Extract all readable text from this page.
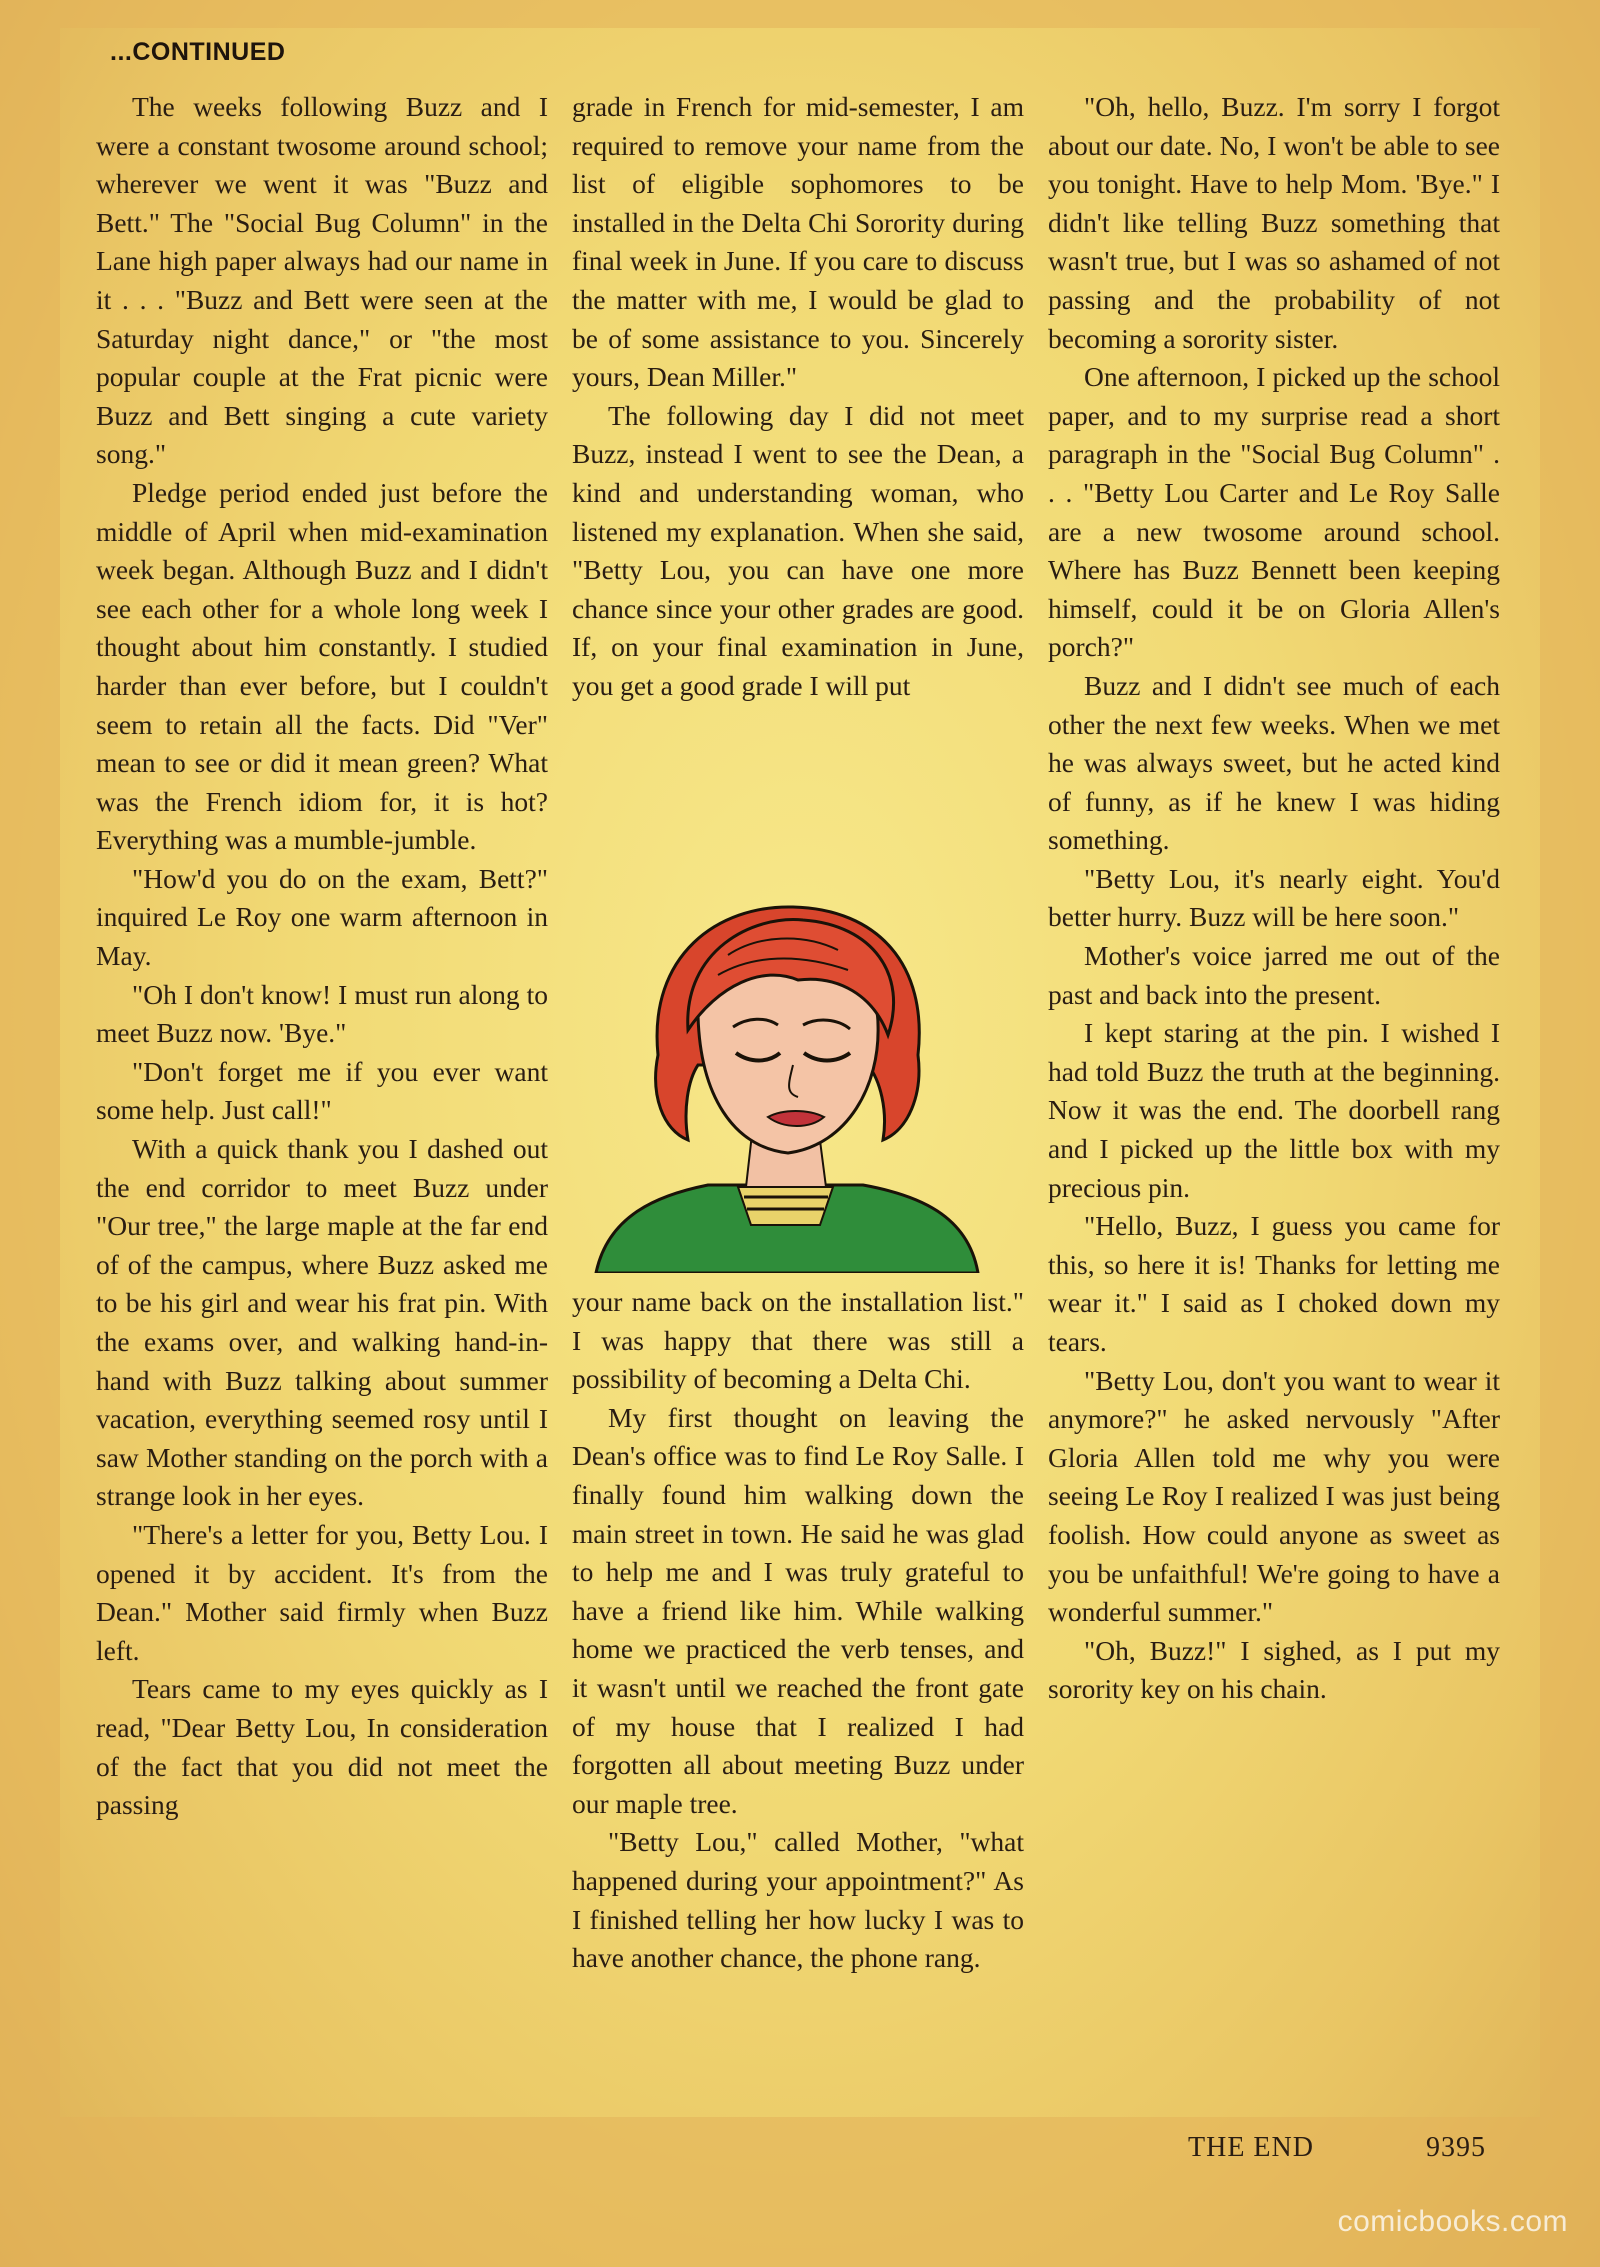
...CONTINUED

The weeks following Buzz and I were a constant twosome around school; wherever we went it was "Buzz and Bett." The "Social Bug Column" in the Lane high paper always had our name in it . . . "Buzz and Bett were seen at the Saturday night dance," or "the most popular couple at the Frat picnic were Buzz and Bett singing a cute variety song."

Pledge period ended just before the middle of April when mid-examination week began. Although Buzz and I didn't see each other for a whole long week I thought about him constantly. I studied harder than ever before, but I couldn't seem to retain all the facts. Did "Ver" mean to see or did it mean green? What was the French idiom for, it is hot? Everything was a mumble-jumble.

"How'd you do on the exam, Bett?" inquired Le Roy one warm afternoon in May.

"Oh I don't know! I must run along to meet Buzz now. 'Bye."

"Don't forget me if you ever want some help. Just call!"

With a quick thank you I dashed out the end corridor to meet Buzz under "Our tree," the large maple at the far end of of the campus, where Buzz asked me to be his girl and wear his frat pin. With the exams over, and walking hand-in-hand with Buzz talking about summer vacation, everything seemed rosy until I saw Mother standing on the porch with a strange look in her eyes.

"There's a letter for you, Betty Lou. I opened it by accident. It's from the Dean." Mother said firmly when Buzz left.

Tears came to my eyes quickly as I read, "Dear Betty Lou, In consideration of the fact that you did not meet the passing

grade in French for mid-semester, I am required to remove your name from the list of eligible sophomores to be installed in the Delta Chi Sorority during final week in June. If you care to discuss the matter with me, I would be glad to be of some assistance to you. Sincerely yours, Dean Miller."

The following day I did not meet Buzz, instead I went to see the Dean, a kind and understanding woman, who listened my explanation. When she said, "Betty Lou, you can have one more chance since your other grades are good. If, on your final examination in June, you get a good grade I will put

your name back on the installation list." I was happy that there was still a possibility of becoming a Delta Chi.

My first thought on leaving the Dean's office was to find Le Roy Salle. I finally found him walking down the main street in town. He said he was glad to help me and I was truly grateful to have a friend like him. While walking home we practiced the verb tenses, and it wasn't until we reached the front gate of my house that I realized I had forgotten all about meeting Buzz under our maple tree.

"Betty Lou," called Mother, "what happened during your appointment?" As I finished telling her how lucky I was to have another chance, the phone rang.

"Oh, hello, Buzz. I'm sorry I forgot about our date. No, I won't be able to see you tonight. Have to help Mom. 'Bye." I didn't like telling Buzz something that wasn't true, but I was so ashamed of not passing and the probability of not becoming a sorority sister.

One afternoon, I picked up the school paper, and to my surprise read a short paragraph in the "Social Bug Column" . . . "Betty Lou Carter and Le Roy Salle are a new twosome around school. Where has Buzz Bennett been keeping himself, could it be on Gloria Allen's porch?"

Buzz and I didn't see much of each other the next few weeks. When we met he was always sweet, but he acted kind of funny, as if he knew I was hiding something.

"Betty Lou, it's nearly eight. You'd better hurry. Buzz will be here soon."

Mother's voice jarred me out of the past and back into the present.

I kept staring at the pin. I wished I had told Buzz the truth at the beginning. Now it was the end. The doorbell rang and I picked up the little box with my precious pin.

"Hello, Buzz, I guess you came for this, so here it is! Thanks for letting me wear it." I said as I choked down my tears.

"Betty Lou, don't you want to wear it anymore?" he asked nervously "After Gloria Allen told me why you were seeing Le Roy I realized I was just being foolish. How could anyone as sweet as you be unfaithful! We're going to have a wonderful summer."

"Oh, Buzz!" I sighed, as I put my sorority key on his chain.

THE END	9395
comicbooks.com
